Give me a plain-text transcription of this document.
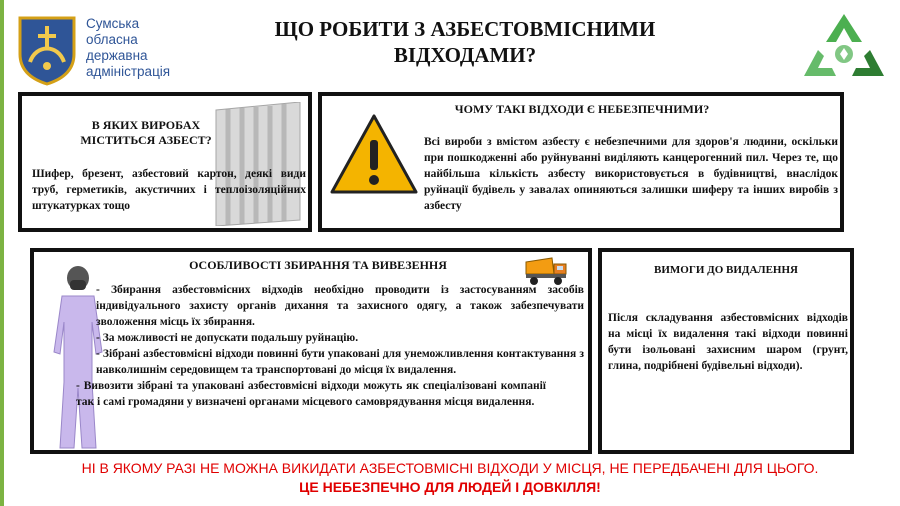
Сумська
обласна
державна
адміністрація
ЩО РОБИТИ З АЗБЕСТОВМІСНИМИ ВІДХОДАМИ?
В ЯКИХ ВИРОБАХ МІСТИТЬСЯ АЗБЕСТ?
Шифер, брезент, азбестовий картон, деякі види труб, герметиків, акустичних і теплоізоляційних штукатурках тощо
ЧОМУ ТАКІ ВІДХОДИ Є НЕБЕЗПЕЧНИМИ?
Всі вироби з вмістом азбесту є небезпечними для здоров'я людини, оскільки при пошкодженні або руйнуванні виділяють канцерогенний пил. Через те, що найбільша кількість азбесту використовується в будівництві, внаслідок руйнації будівель у завалах опиняються залишки шиферу та інших виробів з азбесту
ОСОБЛИВОСТІ ЗБИРАННЯ ТА ВИВЕЗЕННЯ
- Збирання азбестовмісних відходів необхідно проводити із застосуванням засобів індивідуального захисту органів дихання та захисного одягу, а також забезпечувати зволоження місць їх збирання.
- За можливості не допускати подальшу руйнацію.
- Зібрані азбестовмісні відходи повинні бути упаковані для унеможливлення контактування з навколишнім середовищем та транспортовані до місця їх видалення.
- Вивозити зібрані та упаковані азбестовмісні відходи можуть як спеціалізовані компанії так і самі громадяни у визначені органами місцевого самоврядування місця видалення.
ВИМОГИ ДО ВИДАЛЕННЯ
Після складування азбестовмісних відходів на місці їх видалення такі відходи повинні бути ізольовані захисним шаром (грунт, глина, подрібнені будівельні відходи).
НІ В ЯКОМУ РАЗІ НЕ МОЖНА ВИКИДАТИ АЗБЕСТОВМІСНІ ВІДХОДИ У МІСЦЯ, НЕ ПЕРЕДБАЧЕНІ ДЛЯ ЦЬОГО.
ЦЕ НЕБЕЗПЕЧНО ДЛЯ ЛЮДЕЙ І ДОВКІЛЛЯ!
